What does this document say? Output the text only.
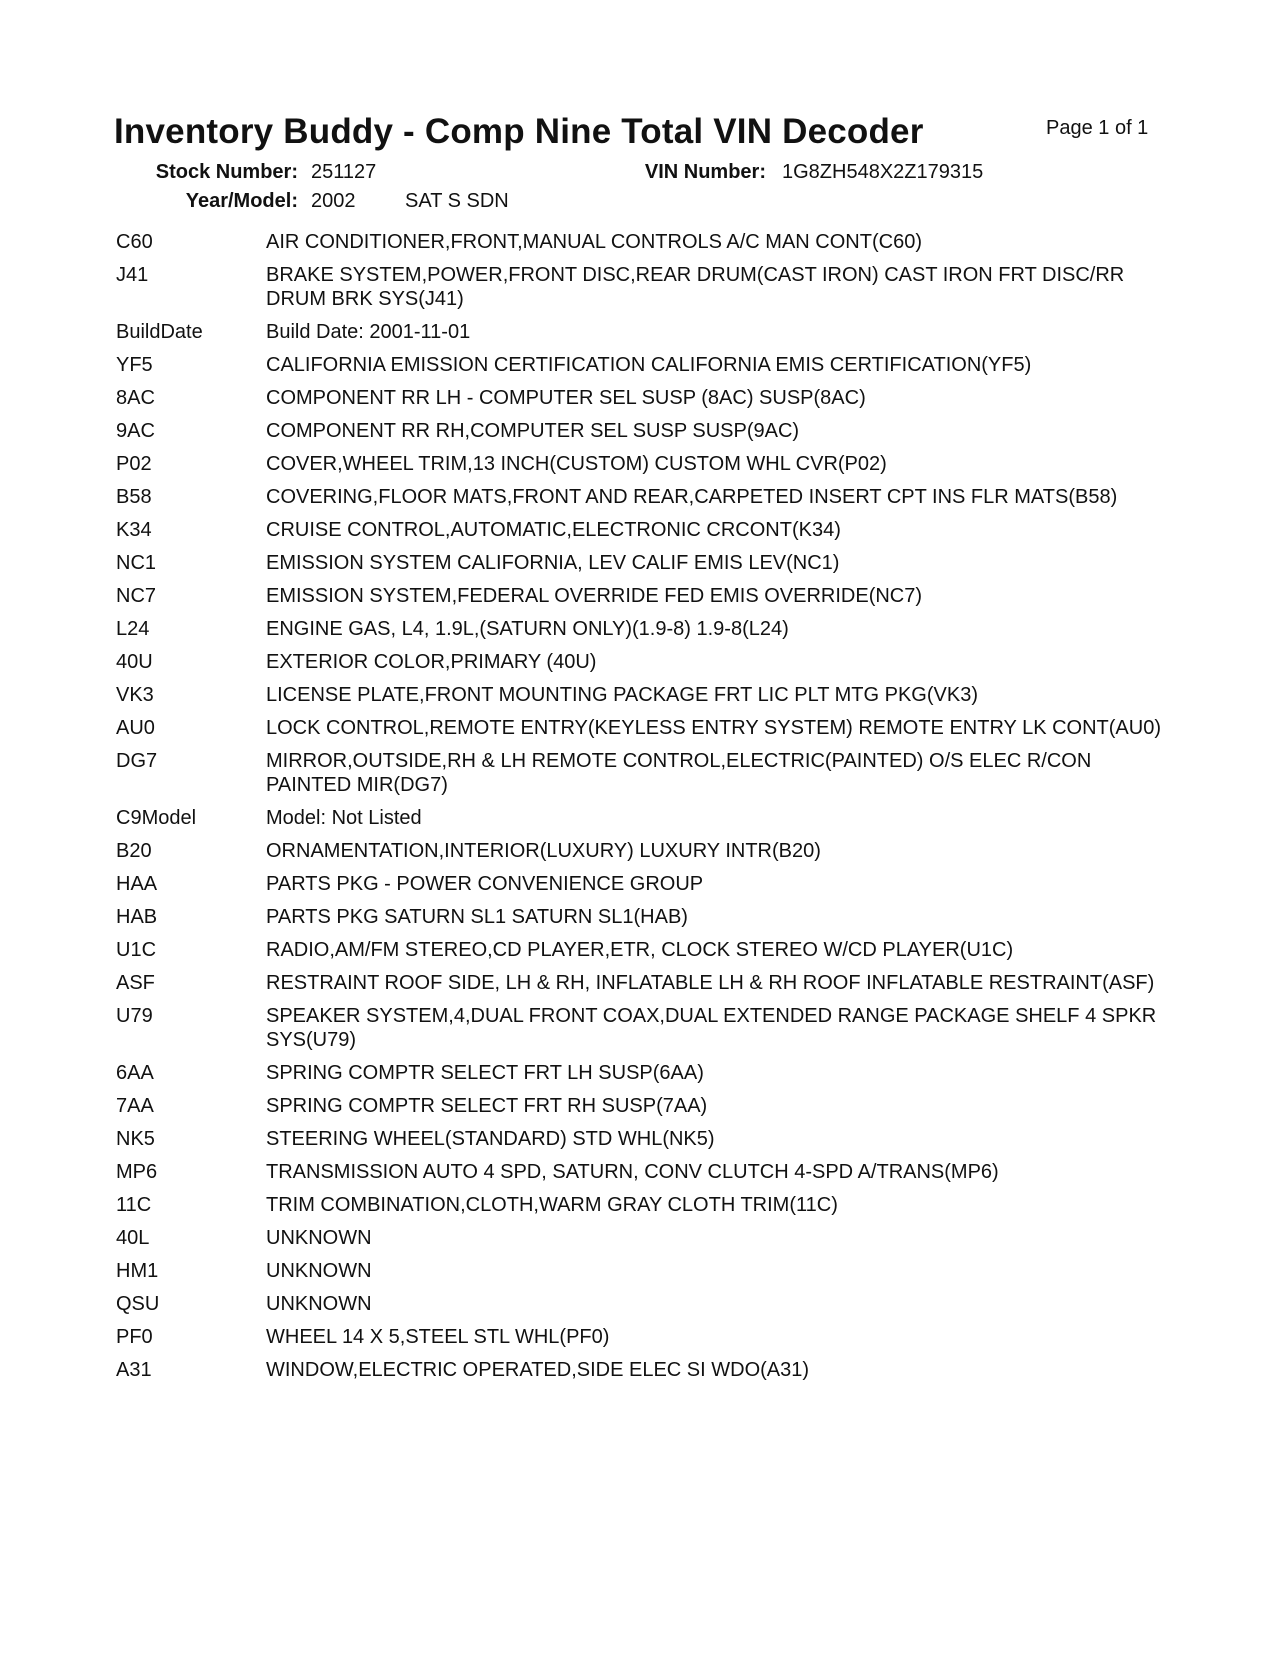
Inventory Buddy - Comp Nine Total VIN Decoder	Page 1 of 1
Stock Number: 251127	VIN Number: 1G8ZH548X2Z179315
Year/Model: 2002 SAT S SDN
C60	AIR CONDITIONER,FRONT,MANUAL CONTROLS A/C MAN CONT(C60)
J41	BRAKE SYSTEM,POWER,FRONT DISC,REAR DRUM(CAST IRON) CAST IRON FRT DISC/RR DRUM BRK SYS(J41)
BuildDate	Build Date: 2001-11-01
YF5	CALIFORNIA EMISSION CERTIFICATION CALIFORNIA EMIS CERTIFICATION(YF5)
8AC	COMPONENT RR LH - COMPUTER SEL SUSP (8AC) SUSP(8AC)
9AC	COMPONENT RR RH,COMPUTER SEL SUSP SUSP(9AC)
P02	COVER,WHEEL TRIM,13 INCH(CUSTOM) CUSTOM WHL CVR(P02)
B58	COVERING,FLOOR MATS,FRONT AND REAR,CARPETED INSERT CPT INS FLR MATS(B58)
K34	CRUISE CONTROL,AUTOMATIC,ELECTRONIC CRCONT(K34)
NC1	EMISSION SYSTEM CALIFORNIA, LEV CALIF EMIS LEV(NC1)
NC7	EMISSION SYSTEM,FEDERAL OVERRIDE FED EMIS OVERRIDE(NC7)
L24	ENGINE GAS, L4, 1.9L,(SATURN ONLY)(1.9-8) 1.9-8(L24)
40U	EXTERIOR COLOR,PRIMARY (40U)
VK3	LICENSE PLATE,FRONT MOUNTING PACKAGE FRT LIC PLT MTG PKG(VK3)
AU0	LOCK CONTROL,REMOTE ENTRY(KEYLESS ENTRY SYSTEM) REMOTE ENTRY LK CONT(AU0)
DG7	MIRROR,OUTSIDE,RH & LH REMOTE CONTROL,ELECTRIC(PAINTED) O/S ELEC R/CON PAINTED MIR(DG7)
C9Model	Model: Not Listed
B20	ORNAMENTATION,INTERIOR(LUXURY) LUXURY INTR(B20)
HAA	PARTS PKG - POWER CONVENIENCE GROUP
HAB	PARTS PKG SATURN SL1 SATURN SL1(HAB)
U1C	RADIO,AM/FM STEREO,CD PLAYER,ETR, CLOCK STEREO W/CD PLAYER(U1C)
ASF	RESTRAINT ROOF SIDE, LH & RH, INFLATABLE LH & RH ROOF INFLATABLE RESTRAINT(ASF)
U79	SPEAKER SYSTEM,4,DUAL FRONT COAX,DUAL EXTENDED RANGE PACKAGE SHELF 4 SPKR SYS(U79)
6AA	SPRING COMPTR SELECT FRT LH SUSP(6AA)
7AA	SPRING COMPTR SELECT FRT RH SUSP(7AA)
NK5	STEERING WHEEL(STANDARD) STD WHL(NK5)
MP6	TRANSMISSION AUTO 4 SPD, SATURN, CONV CLUTCH 4-SPD A/TRANS(MP6)
11C	TRIM COMBINATION,CLOTH,WARM GRAY CLOTH TRIM(11C)
40L	UNKNOWN
HM1	UNKNOWN
QSU	UNKNOWN
PF0	WHEEL 14 X 5,STEEL STL WHL(PF0)
A31	WINDOW,ELECTRIC OPERATED,SIDE ELEC SI WDO(A31)
